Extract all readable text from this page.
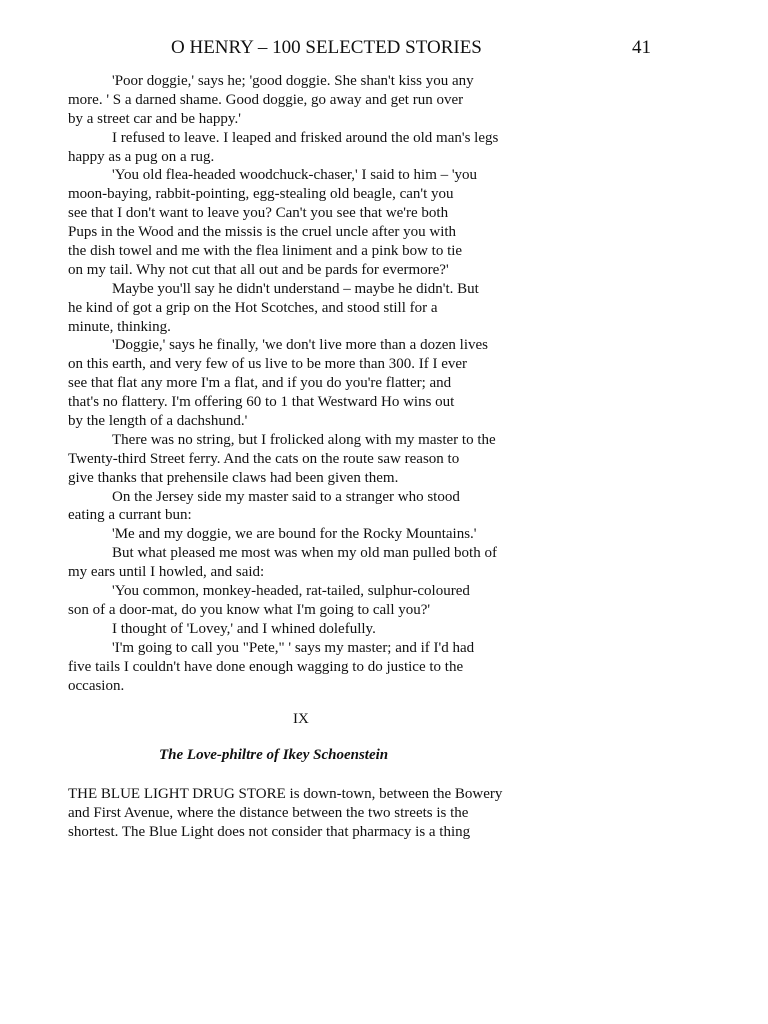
O HENRY – 100 SELECTED STORIES	41
'Poor doggie,' says he; 'good doggie. She shan't kiss you any
more. ' S a darned shame. Good doggie, go away and get run over
by a street car and be happy.'
I refused to leave. I leaped and frisked around the old man's legs
happy as a pug on a rug.
'You old flea-headed woodchuck-chaser,' I said to him – 'you
moon-baying, rabbit-pointing, egg-stealing old beagle, can't you
see that I don't want to leave you? Can't you see that we're both
Pups in the Wood and the missis is the cruel uncle after you with
the dish towel and me with the flea liniment and a pink bow to tie
on my tail. Why not cut that all out and be pards for evermore?'
Maybe you'll say he didn't understand – maybe he didn't. But
he kind of got a grip on the Hot Scotches, and stood still for a
minute, thinking.
'Doggie,' says he finally, 'we don't live more than a dozen lives
on this earth, and very few of us live to be more than 300. If I ever
see that flat any more I'm a flat, and if you do you're flatter; and
that's no flattery. I'm offering 60 to 1 that Westward Ho wins out
by the length of a dachshund.'
There was no string, but I frolicked along with my master to the
Twenty-third Street ferry. And the cats on the route saw reason to
give thanks that prehensile claws had been given them.
On the Jersey side my master said to a stranger who stood
eating a currant bun:
'Me and my doggie, we are bound for the Rocky Mountains.'
But what pleased me most was when my old man pulled both of
my ears until I howled, and said:
'You common, monkey-headed, rat-tailed, sulphur-coloured
son of a door-mat, do you know what I'm going to call you?'
I thought of 'Lovey,' and I whined dolefully.
'I'm going to call you "Pete," ' says my master; and if I'd had
five tails I couldn't have done enough wagging to do justice to the
occasion.
IX
The Love-philtre of Ikey Schoenstein
THE BLUE LIGHT DRUG STORE is down-town, between the Bowery
and First Avenue, where the distance between the two streets is the
shortest. The Blue Light does not consider that pharmacy is a thing
